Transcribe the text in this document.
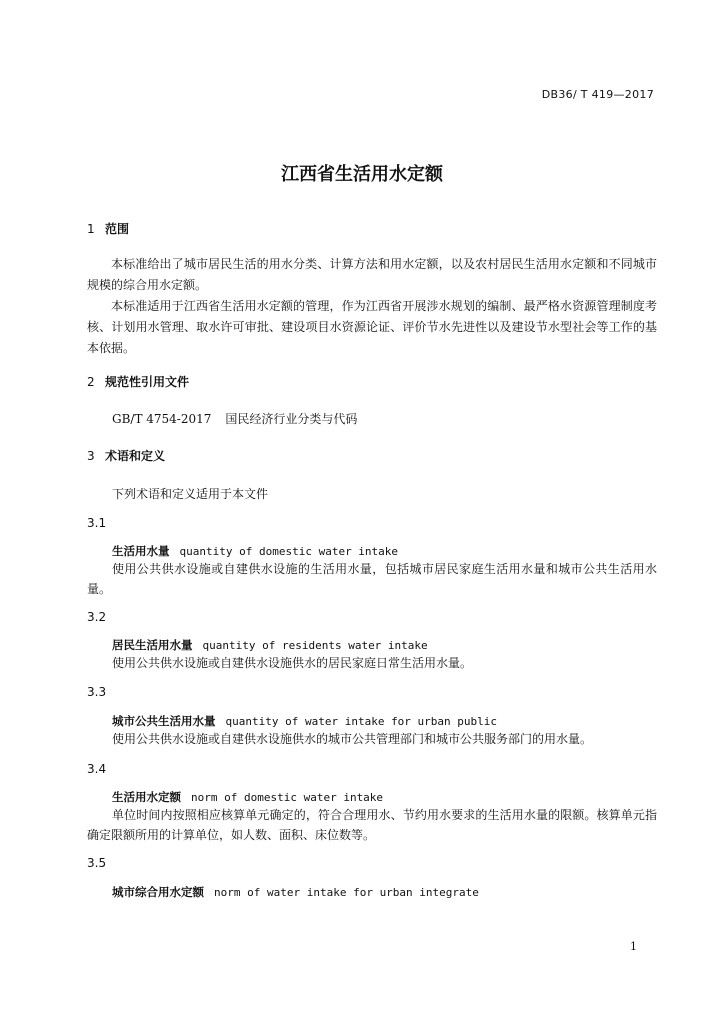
DB36/ T 419—2017
江西省生活用水定额
1 范围
本标准给出了城市居民生活的用水分类、计算方法和用水定额，以及农村居民生活用水定额和不同城市规模的综合用水定额。
本标准适用于江西省生活用水定额的管理，作为江西省开展涉水规划的编制、最严格水资源管理制度考核、计划用水管理、取水许可审批、建设项目水资源论证、评价节水先进性以及建设节水型社会等工作的基本依据。
2 规范性引用文件
GB/T 4754-2017 国民经济行业分类与代码
3 术语和定义
下列术语和定义适用于本文件
3.1
生活用水量 quantity of domestic water intake
使用公共供水设施或自建供水设施的生活用水量，包括城市居民家庭生活用水量和城市公共生活用水量。
3.2
居民生活用水量 quantity of residents water intake
使用公共供水设施或自建供水设施供水的居民家庭日常生活用水量。
3.3
城市公共生活用水量 quantity of water intake for urban public
使用公共供水设施或自建供水设施供水的城市公共管理部门和城市公共服务部门的用水量。
3.4
生活用水定额 norm of domestic water intake
单位时间内按照相应核算单元确定的，符合合理用水、节约用水要求的生活用水量的限额。核算单元指确定限额所用的计算单位，如人数、面积、床位数等。
3.5
城市综合用水定额 norm of water intake for urban integrate
1
